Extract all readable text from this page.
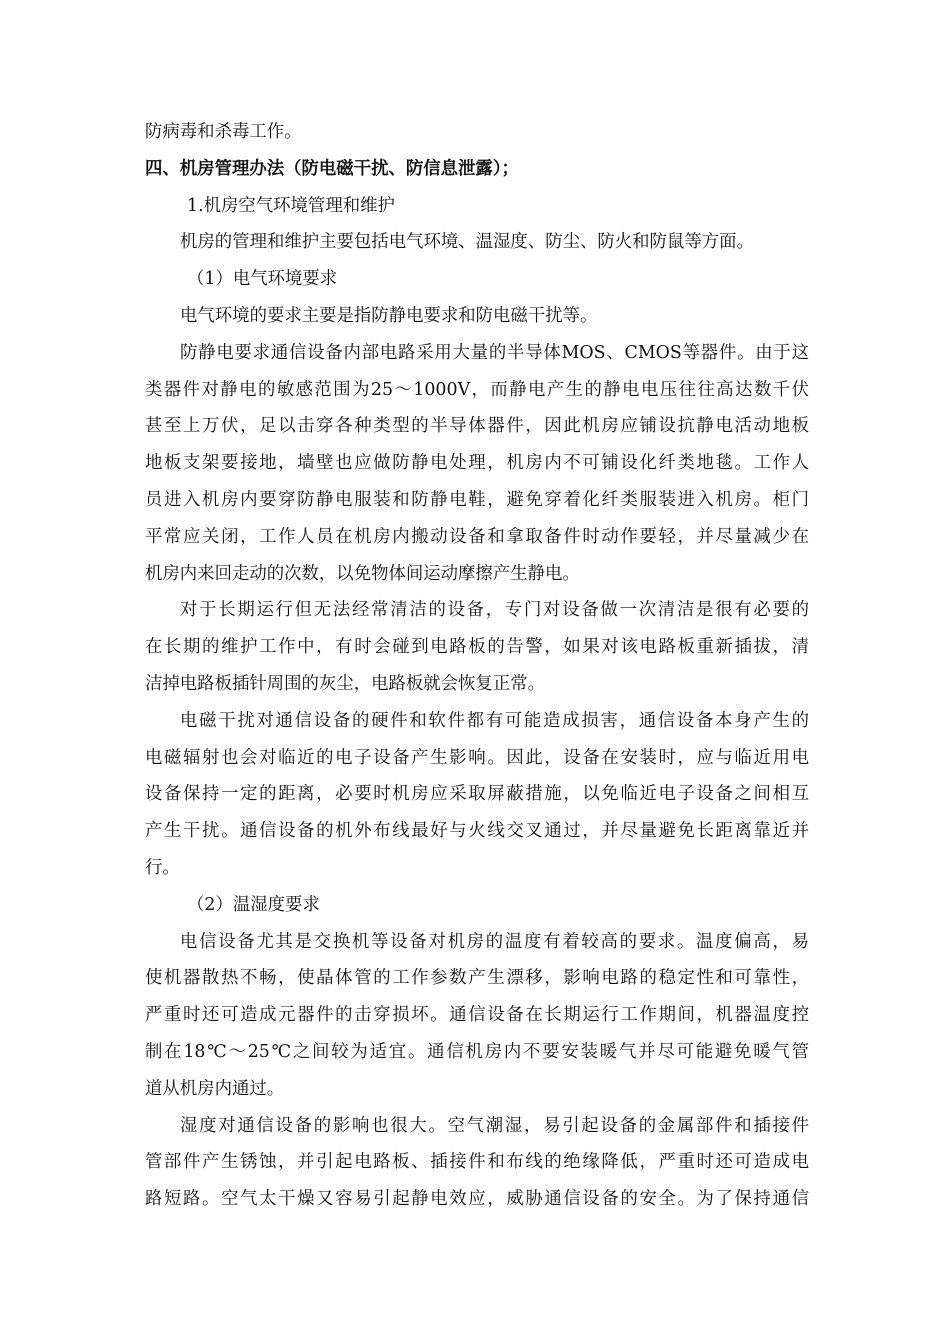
防病毒和杀毒工作。
四、机房管理办法（防电磁干扰、防信息泄露）；
1.机房空气环境管理和维护
机房的管理和维护主要包括电气环境、温湿度、防尘、防火和防鼠等方面。
（1）电气环境要求
电气环境的要求主要是指防静电要求和防电磁干扰等。
防静电要求通信设备内部电路采用大量的半导体MOS、CMOS等器件。由于这
类器件对静电的敏感范围为25～1000V，而静电产生的静电电压往往高达数千伏
甚至上万伏，足以击穿各种类型的半导体器件，因此机房应铺设抗静电活动地板
地板支架要接地，墙壁也应做防静电处理，机房内不可铺设化纤类地毯。工作人
员进入机房内要穿防静电服装和防静电鞋，避免穿着化纤类服装进入机房。柜门
平常应关闭，工作人员在机房内搬动设备和拿取备件时动作要轻，并尽量减少在
机房内来回走动的次数，以免物体间运动摩擦产生静电。
对于长期运行但无法经常清洁的设备，专门对设备做一次清洁是很有必要的
在长期的维护工作中，有时会碰到电路板的告警，如果对该电路板重新插拔，清
洁掉电路板插针周围的灰尘，电路板就会恢复正常。
电磁干扰对通信设备的硬件和软件都有可能造成损害，通信设备本身产生的
电磁辐射也会对临近的电子设备产生影响。因此，设备在安装时，应与临近用电
设备保持一定的距离，必要时机房应采取屏蔽措施，以免临近电子设备之间相互
产生干扰。通信设备的机外布线最好与火线交叉通过，并尽量避免长距离靠近并
行。
（2）温湿度要求
电信设备尤其是交换机等设备对机房的温度有着较高的要求。温度偏高，易
使机器散热不畅，使晶体管的工作参数产生漂移，影响电路的稳定性和可靠性，
严重时还可造成元器件的击穿损坏。通信设备在长期运行工作期间，机器温度控
制在18℃～25℃之间较为适宜。通信机房内不要安装暖气并尽可能避免暖气管
道从机房内通过。
湿度对通信设备的影响也很大。空气潮湿，易引起设备的金属部件和插接件
管部件产生锈蚀，并引起电路板、插接件和布线的绝缘降低，严重时还可造成电
路短路。空气太干燥又容易引起静电效应，威胁通信设备的安全。为了保持通信
